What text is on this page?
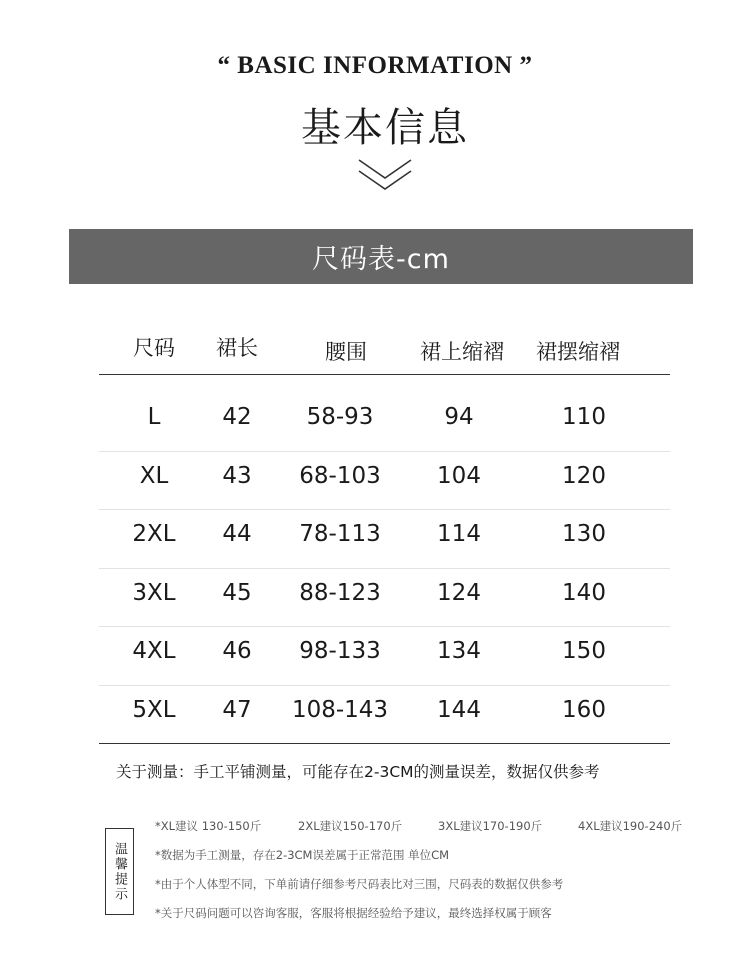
“ BASIC INFORMATION ”
基本信息
尺码表-cm
尺码	裙长	腰围	裙上缩褶	裙摆缩褶
L	42	58-93	94	110
XL	43	68-103	104	120
2XL	44	78-113	114	130
3XL	45	88-123	124	140
4XL	46	98-133	134	150
5XL	47	108-143	144	160
关于测量：手工平铺测量，可能存在2-3CM的测量误差，数据仅供参考
温馨提示
*XL建议 130-150斤	2XL建议150-170斤	3XL建议170-190斤	4XL建议190-240斤
*数据为手工测量，存在2-3CM误差属于正常范围 单位CM
*由于个人体型不同，下单前请仔细参考尺码表比对三围，尺码表的数据仅供参考
*关于尺码问题可以咨询客服，客服将根据经验给予建议，最终选择权属于顾客
